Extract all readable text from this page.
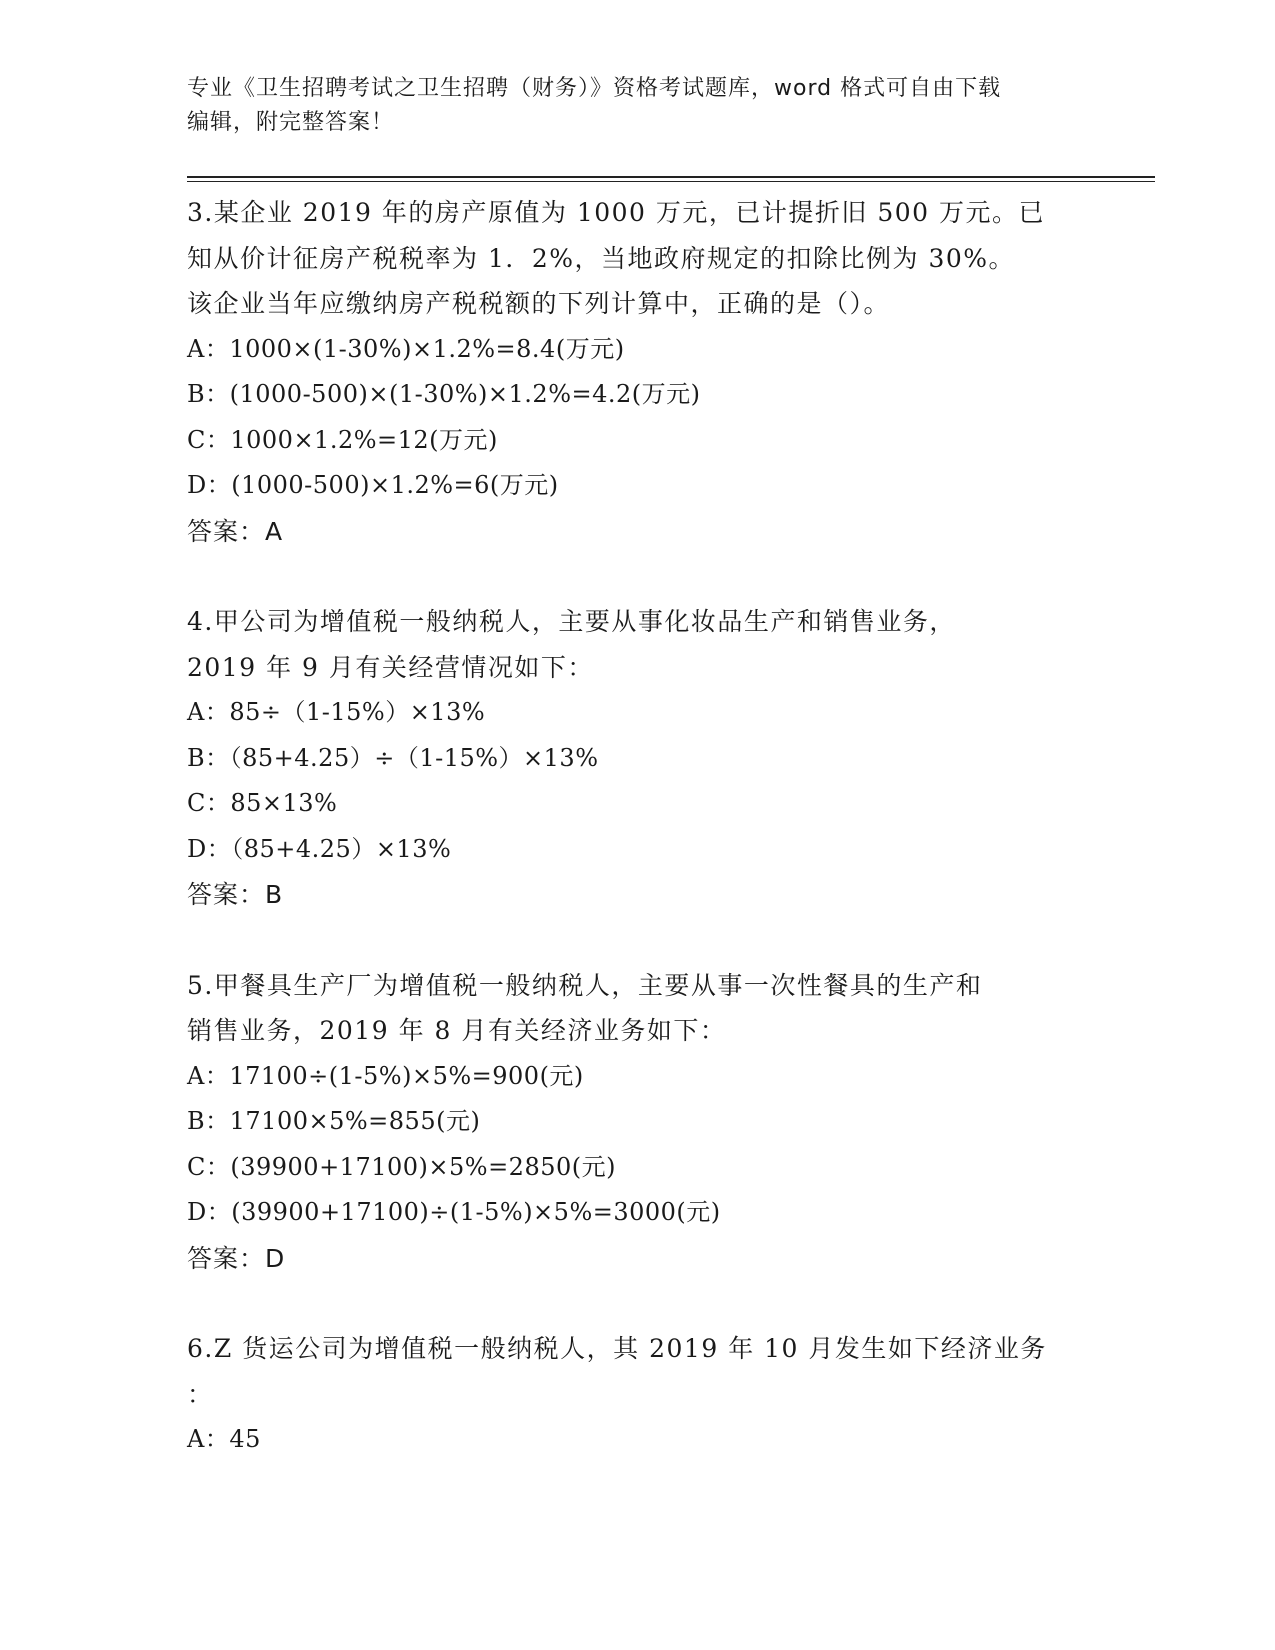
专业《卫生招聘考试之卫生招聘（财务）》资格考试题库，word 格式可自由下载
编辑，附完整答案！
3.某企业 2019 年的房产原值为 1000 万元，已计提折旧 500 万元。已
知从价计征房产税税率为 1．2%，当地政府规定的扣除比例为 30%。
该企业当年应缴纳房产税税额的下列计算中，正确的是（）。
A：1000×(1-30%)×1.2%=8.4(万元)
B：(1000-500)×(1-30%)×1.2%=4.2(万元)
C：1000×1.2%=12(万元)
D：(1000-500)×1.2%=6(万元)
答案：A
4.甲公司为增值税一般纳税人，主要从事化妆品生产和销售业务，
2019 年 9 月有关经营情况如下：
A：85÷（1-15%）×13%
B：（85+4.25）÷（1-15%）×13%
C：85×13%
D：（85+4.25）×13%
答案：B
5.甲餐具生产厂为增值税一般纳税人，主要从事一次性餐具的生产和
销售业务，2019 年 8 月有关经济业务如下：
A：17100÷(1-5%)×5%=900(元)
B：17100×5%=855(元)
C：(39900+17100)×5%=2850(元)
D：(39900+17100)÷(1-5%)×5%=3000(元)
答案：D
6.Z 货运公司为增值税一般纳税人，其 2019 年 10 月发生如下经济业务
：
A：45
